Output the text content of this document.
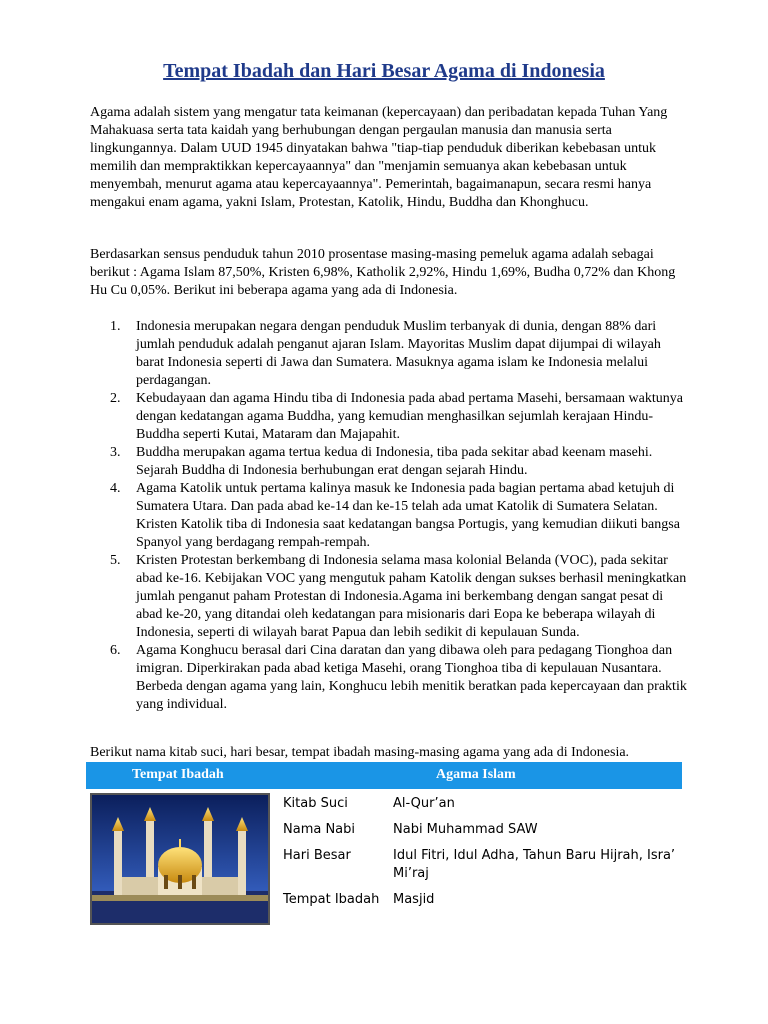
Tempat Ibadah dan Hari Besar Agama di Indonesia

Agama adalah sistem yang mengatur tata keimanan (kepercayaan) dan peribadatan kepada Tuhan Yang Mahakuasa serta tata kaidah yang berhubungan dengan pergaulan manusia dan manusia serta lingkungannya. Dalam UUD 1945 dinyatakan bahwa "tiap-tiap penduduk diberikan kebebasan untuk memilih dan mempraktikkan kepercayaannya" dan "menjamin semuanya akan kebebasan untuk menyembah, menurut agama atau kepercayaannya". Pemerintah, bagaimanapun, secara resmi hanya mengakui enam agama, yakni Islam, Protestan, Katolik, Hindu, Buddha dan Khonghucu.

Berdasarkan sensus penduduk tahun 2010 prosentase masing-masing pemeluk agama adalah sebagai berikut : Agama Islam 87,50%, Kristen 6,98%, Katholik 2,92%, Hindu 1,69%, Budha 0,72% dan Khong Hu Cu 0,05%. Berikut ini beberapa agama yang ada di Indonesia.

1. Indonesia merupakan negara dengan penduduk Muslim terbanyak di dunia, dengan 88% dari jumlah penduduk adalah penganut ajaran Islam. Mayoritas Muslim dapat dijumpai di wilayah barat Indonesia seperti di Jawa dan Sumatera. Masuknya agama islam ke Indonesia melalui perdagangan.
2. Kebudayaan dan agama Hindu tiba di Indonesia pada abad pertama Masehi, bersamaan waktunya dengan kedatangan agama Buddha, yang kemudian menghasilkan sejumlah kerajaan Hindu-Buddha seperti Kutai, Mataram dan Majapahit.
3. Buddha merupakan agama tertua kedua di Indonesia, tiba pada sekitar abad keenam masehi. Sejarah Buddha di Indonesia berhubungan erat dengan sejarah Hindu.
4. Agama Katolik untuk pertama kalinya masuk ke Indonesia pada bagian pertama abad ketujuh di Sumatera Utara. Dan pada abad ke-14 dan ke-15 telah ada umat Katolik di Sumatera Selatan. Kristen Katolik tiba di Indonesia saat kedatangan bangsa Portugis, yang kemudian diikuti bangsa Spanyol yang berdagang rempah-rempah.
5. Kristen Protestan berkembang di Indonesia selama masa kolonial Belanda (VOC), pada sekitar abad ke-16. Kebijakan VOC yang mengutuk paham Katolik dengan sukses berhasil meningkatkan jumlah penganut paham Protestan di Indonesia.Agama ini berkembang dengan sangat pesat di abad ke-20, yang ditandai oleh kedatangan para misionaris dari Eopa ke beberapa wilayah di Indonesia, seperti di wilayah barat Papua dan lebih sedikit di kepulauan Sunda.
6. Agama Konghucu berasal dari Cina daratan dan yang dibawa oleh para pedagang Tionghoa dan imigran. Diperkirakan pada abad ketiga Masehi, orang Tionghoa tiba di kepulauan Nusantara. Berbeda dengan agama yang lain, Konghucu lebih menitik beratkan pada kepercayaan dan praktik yang individual.

Berikut nama kitab suci, hari besar, tempat ibadah masing-masing agama yang ada di Indonesia.

Tempat Ibadah	Agama Islam
Kitab Suci	Al-Qur’an
Nama Nabi	Nabi Muhammad SAW
Hari Besar	Idul Fitri, Idul Adha, Tahun Baru Hijrah, Isra’ Mi’raj
Tempat Ibadah	Masjid
